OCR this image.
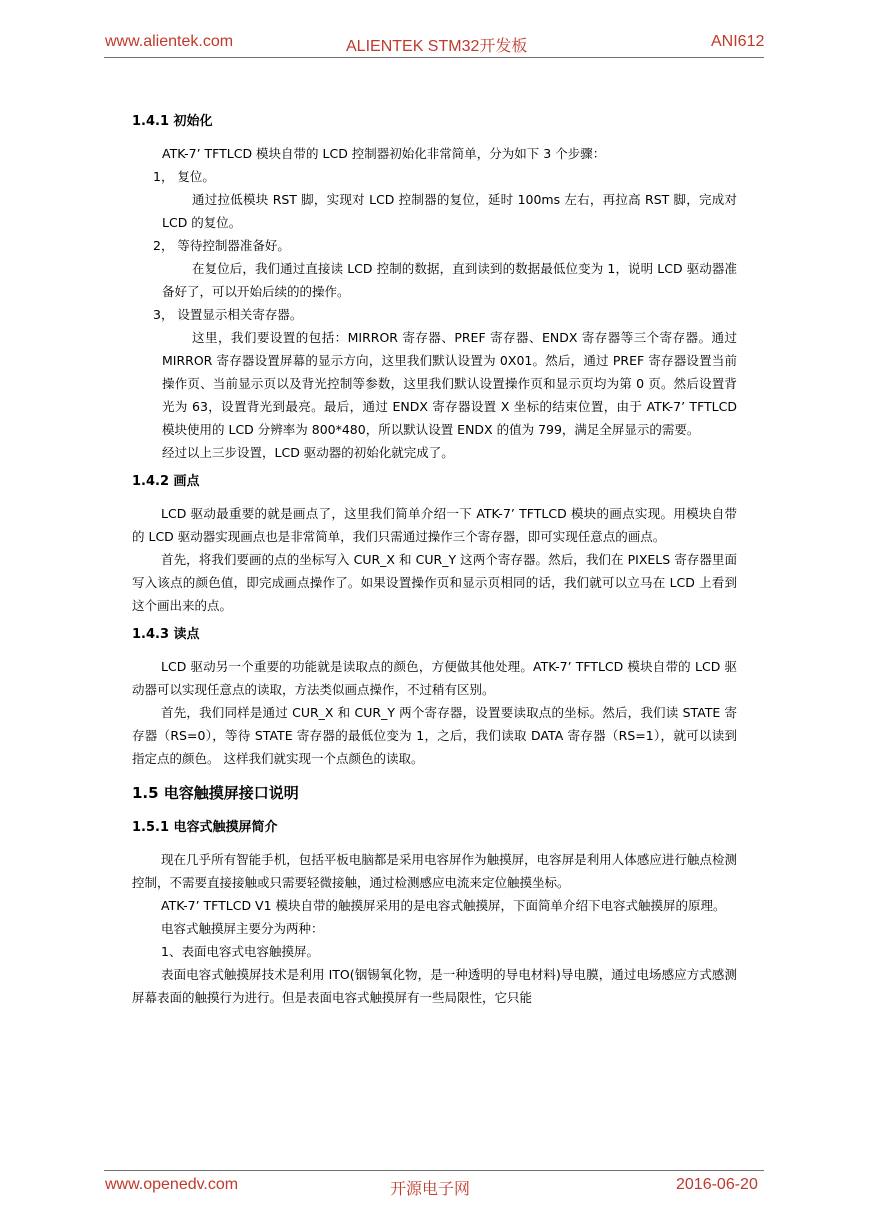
www.alientek.com	ALIENTEK STM32开发板	ANI612
1.4.1 初始化

ATK-7’ TFTLCD 模块自带的 LCD 控制器初始化非常简单，分为如下 3 个步骤：

1， 复位。

通过拉低模块 RST 脚，实现对 LCD 控制器的复位，延时 100ms 左右，再拉高 RST 脚，完成对 LCD 的复位。

2， 等待控制器准备好。

在复位后，我们通过直接读 LCD 控制的数据，直到读到的数据最低位变为 1，说明 LCD 驱动器准备好了，可以开始后续的的操作。

3， 设置显示相关寄存器。

这里，我们要设置的包括：MIRROR 寄存器、PREF 寄存器、ENDX 寄存器等三个寄存器。通过 MIRROR 寄存器设置屏幕的显示方向，这里我们默认设置为 0X01。然后，通过 PREF 寄存器设置当前操作页、当前显示页以及背光控制等参数，这里我们默认设置操作页和显示页均为第 0 页。然后设置背光为 63，设置背光到最亮。最后，通过 ENDX 寄存器设置 X 坐标的结束位置，由于 ATK-7’ TFTLCD 模块使用的 LCD 分辨率为 800*480，所以默认设置 ENDX 的值为 799，满足全屏显示的需要。

经过以上三步设置，LCD 驱动器的初始化就完成了。

1.4.2 画点

LCD 驱动最重要的就是画点了，这里我们简单介绍一下 ATK-7’ TFTLCD 模块的画点实现。用模块自带的 LCD 驱动器实现画点也是非常简单，我们只需通过操作三个寄存器，即可实现任意点的画点。

首先，将我们要画的点的坐标写入 CUR_X 和 CUR_Y 这两个寄存器。然后，我们在 PIXELS 寄存器里面写入该点的颜色值，即完成画点操作了。如果设置操作页和显示页相同的话，我们就可以立马在 LCD 上看到这个画出来的点。

1.4.3 读点

LCD 驱动另一个重要的功能就是读取点的颜色，方便做其他处理。ATK-7’ TFTLCD 模块自带的 LCD 驱动器可以实现任意点的读取，方法类似画点操作，不过稍有区别。

首先，我们同样是通过 CUR_X 和 CUR_Y 两个寄存器，设置要读取点的坐标。然后，我们读 STATE 寄存器（RS=0），等待 STATE 寄存器的最低位变为 1，之后，我们读取 DATA 寄存器（RS=1），就可以读到指定点的颜色。 这样我们就实现一个点颜色的读取。

1.5 电容触摸屏接口说明
1.5.1 电容式触摸屏简介

现在几乎所有智能手机，包括平板电脑都是采用电容屏作为触摸屏，电容屏是利用人体感应进行触点检测控制，不需要直接接触或只需要轻微接触，通过检测感应电流来定位触摸坐标。

ATK-7’ TFTLCD V1 模块自带的触摸屏采用的是电容式触摸屏，下面简单介绍下电容式触摸屏的原理。

电容式触摸屏主要分为两种：

1、表面电容式电容触摸屏。

表面电容式触摸屏技术是利用 ITO(铟锡氧化物，是一种透明的导电材料)导电膜，通过电场感应方式感测屏幕表面的触摸行为进行。但是表面电容式触摸屏有一些局限性，它只能

www.openedv.com	开源电子网	2016-06-20
